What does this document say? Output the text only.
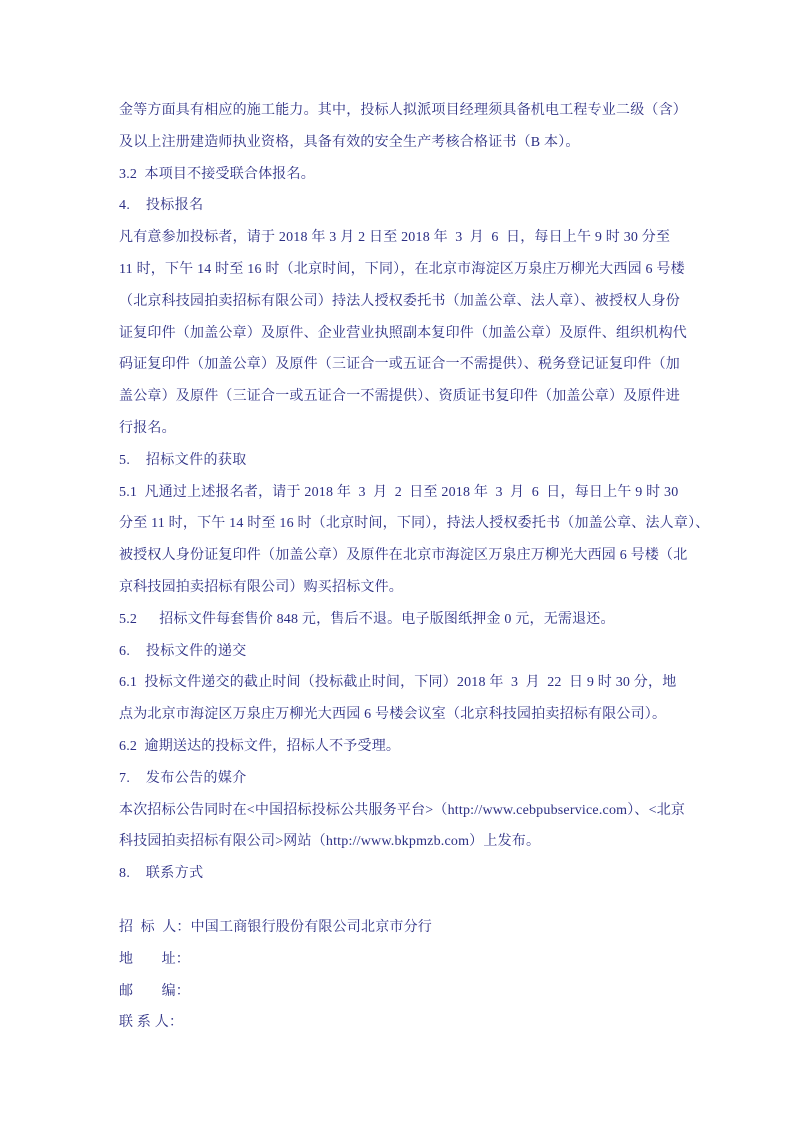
金等方面具有相应的施工能力。其中，投标人拟派项目经理须具备机电工程专业二级（含）
及以上注册建造师执业资格，具备有效的安全生产考核合格证书（B 本）。
3.2  本项目不接受联合体报名。
4.    投标报名
凡有意参加投标者，请于 2018 年 3 月 2 日至 2018 年  3  月  6  日，每日上午 9 时 30 分至
11 时，下午 14 时至 16 时（北京时间，下同），在北京市海淀区万泉庄万柳光大西园 6 号楼
（北京科技园拍卖招标有限公司）持法人授权委托书（加盖公章、法人章）、被授权人身份
证复印件（加盖公章）及原件、企业营业执照副本复印件（加盖公章）及原件、组织机构代
码证复印件（加盖公章）及原件（三证合一或五证合一不需提供）、税务登记证复印件（加
盖公章）及原件（三证合一或五证合一不需提供）、资质证书复印件（加盖公章）及原件进
行报名。
5.    招标文件的获取
5.1  凡通过上述报名者，请于 2018 年  3  月  2  日至 2018 年  3  月  6  日，每日上午 9 时 30
分至 11 时，下午 14 时至 16 时（北京时间，下同），持法人授权委托书（加盖公章、法人章）、
被授权人身份证复印件（加盖公章）及原件在北京市海淀区万泉庄万柳光大西园 6 号楼（北
京科技园拍卖招标有限公司）购买招标文件。
5.2      招标文件每套售价 848 元，售后不退。电子版图纸押金 0 元，无需退还。
6.    投标文件的递交
6.1  投标文件递交的截止时间（投标截止时间，下同）2018 年  3  月  22  日 9 时 30 分，地
点为北京市海淀区万泉庄万柳光大西园 6 号楼会议室（北京科技园拍卖招标有限公司）。
6.2  逾期送达的投标文件，招标人不予受理。
7.    发布公告的媒介
本次招标公告同时在<中国招标投标公共服务平台>（http://www.cebpubservice.com）、<北京
科技园拍卖招标有限公司>网站（http://www.bkpmzb.com）上发布。
8.    联系方式

招  标  人：中国工商银行股份有限公司北京市分行
地　　址：
邮　　编：
联 系 人：
